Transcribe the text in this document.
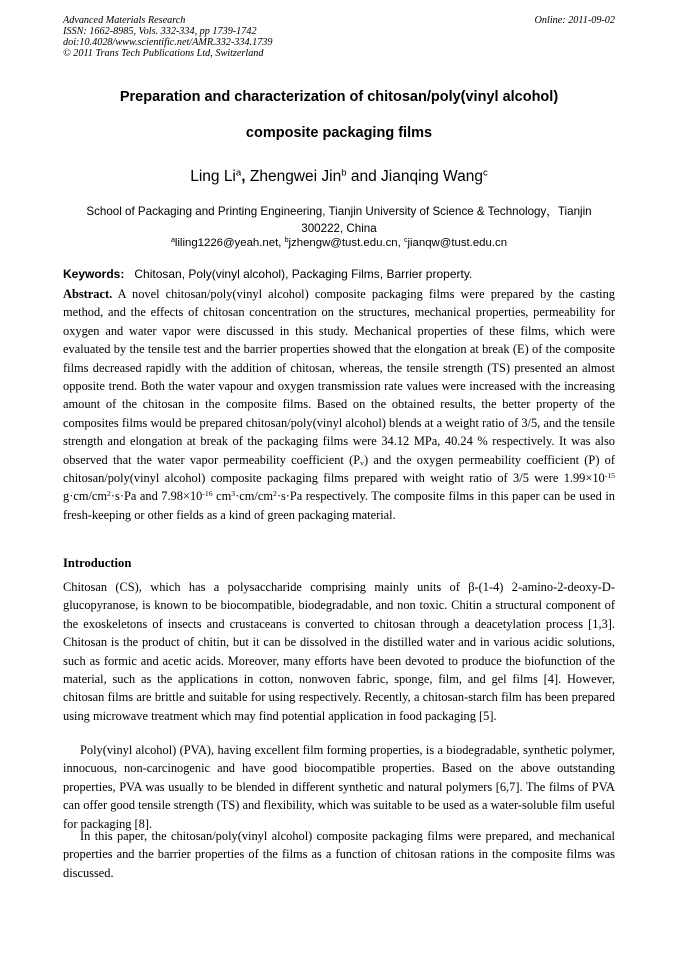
Advanced Materials Research
ISSN: 1662-8985, Vols. 332-334, pp 1739-1742
doi:10.4028/www.scientific.net/AMR.332-334.1739
© 2011 Trans Tech Publications Ltd, Switzerland
Online: 2011-09-02
Preparation and characterization of chitosan/poly(vinyl alcohol)
composite packaging films
Ling Li$^a$, Zhengwei Jin$^b$ and Jianqing Wang$^c$
School of Packaging and Printing Engineering, Tianjin University of Science & Technology，Tianjin
300222, China
$^a$liling1226@yeah.net, $^b$jzhengw@tust.edu.cn, $^c$jianqw@tust.edu.cn
Keywords: Chitosan, Poly(vinyl alcohol), Packaging Films, Barrier property.

Abstract. A novel chitosan/poly(vinyl alcohol) composite packaging films were prepared by the casting method, and the effects of chitosan concentration on the structures, mechanical properties, permeability for oxygen and water vapor were discussed in this study. Mechanical properties of these films, which were evaluated by the tensile test and the barrier properties showed that the elongation at break (E) of the composite films decreased rapidly with the addition of chitosan, whereas, the tensile strength (TS) presented an almost opposite trend. Both the water vapour and oxygen transmission rate values were increased with the increasing amount of the chitosan in the composite films. Based on the obtained results, the better property of the composites films would be prepared chitosan/poly(vinyl alcohol) blends at a weight ratio of 3/5, and the tensile strength and elongation at break of the packaging films were 34.12 MPa, 40.24 % respectively. It was also observed that the water vapor permeability coefficient $(P_v)$ and the oxygen permeability coefficient (P) of chitosan/poly(vinyl alcohol) composite packaging films prepared with weight ratio of 3/5 were $1.99\times 10^{-15}$ $g\cdot cm/cm^2\cdot s\cdot Pa$ and $7.98\times 10^{-16}$ $cm^3\cdot cm/cm^2\cdot s\cdot Pa$ respectively. The composite films in this paper can be used in fresh-keeping or other fields as a kind of green packaging material.

Introduction

Chitosan (CS), which has a polysaccharide comprising mainly units of β-(1-4) 2-amino-2-deoxy-D-glucopyranose, is known to be biocompatible, biodegradable, and non toxic. Chitin a structural component of the exoskeletons of insects and crustaceans is converted to chitosan through a deacetylation process [1,3]. Chitosan is the product of chitin, but it can be dissolved in the distilled water and in various acidic solutions, such as formic and acetic acids. Moreover, many efforts have been devoted to produce the biofunction of the material, such as the applications in cotton, nonwoven fabric, sponge, film, and gel films [4]. However, chitosan films are brittle and suitable for using respectively. Recently, a chitosan-starch film has been prepared using microwave treatment which may find potential application in food packaging [5].

Poly(vinyl alcohol) (PVA), having excellent film forming properties, is a biodegradable, synthetic polymer, innocuous, non-carcinogenic and have good biocompatible properties. Based on the above outstanding properties, PVA was usually to be blended in different synthetic and natural polymers [6,7]. The films of PVA can offer good tensile strength (TS) and flexibility, which was suitable to be used as a water-soluble film useful for packaging [8].

In this paper, the chitosan/poly(vinyl alcohol) composite packaging films were prepared, and mechanical properties and the barrier properties of the films as a function of chitosan rations in the composite films was discussed.
